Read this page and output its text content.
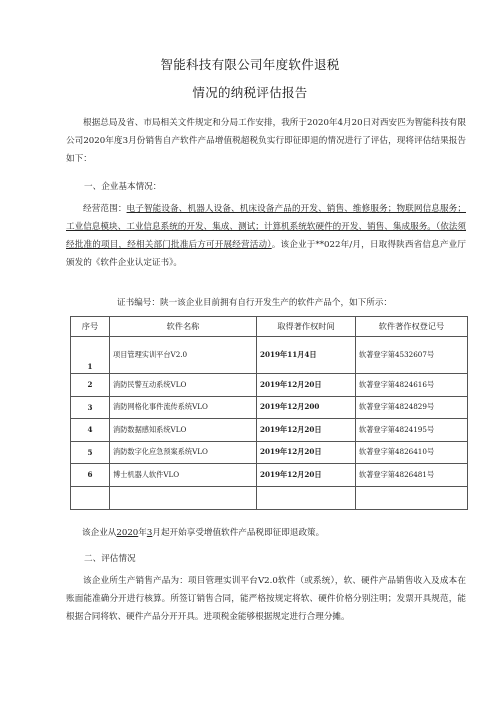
智能科技有限公司年度软件退税
情况的纳税评估报告
根据总局及省、市局相关文件规定和分局工作安排，我所于2020年4月20日对西安匹为智能科技有限公司2020年度3月份销售自产软件产品增值税超税负实行即征即退的情况进行了评估，现将评估结果报告如下：
一、企业基本情况：
经营范围：电子智能设备、机器人设备、机床设备产品的开发、销售、维修服务；物联网信息服务；工业信息模块、工业信息系统的开发、集成、测试；计算机系统软硬件的开发、销售、集成服务。（依法须经批准的项目，经相关部门批准后方可开展经营活动）。该企业于**022年/月，日取得陕西省信息产业厅颁发的《软件企业认定证书》。
证书编号：陕一该企业目前拥有自行开发生产的软件产品个，如下所示：
序号	软件名称	取得著作权时间	软件著作权登记号
1	项目管理实训平台V2.0	2019年11月4日	软著登字第4532607号
2	消防民警互动系统VLO	2019年12月20日	软著登字第4824616号
3	消防网格化事件流传系统VLO	2019年12月200	软著登字第4824829号
4	消防数据感知系统VLO	2019年12月20日	软著登字第4824195号
5	消防数字化应急预案系统VLO	2019年12月20日	软著登字第4826410号
6	博士机器人软件VLO	2019年12月20日	软著登字第4826481号

该企业从2020年3月起开始享受增值软件产品税即征即退政策。
二、评估情况
该企业所生产销售产品为：项目管理实训平台V2.0软件（或系统），软、硬件产品销售收入及成本在账面能准确分开进行核算。所签订销售合同，能严格按规定将软、硬件价格分别注明；发票开具规范，能根据合同将软、硬件产品分开开具。进项税金能够根据规定进行合理分摊。
